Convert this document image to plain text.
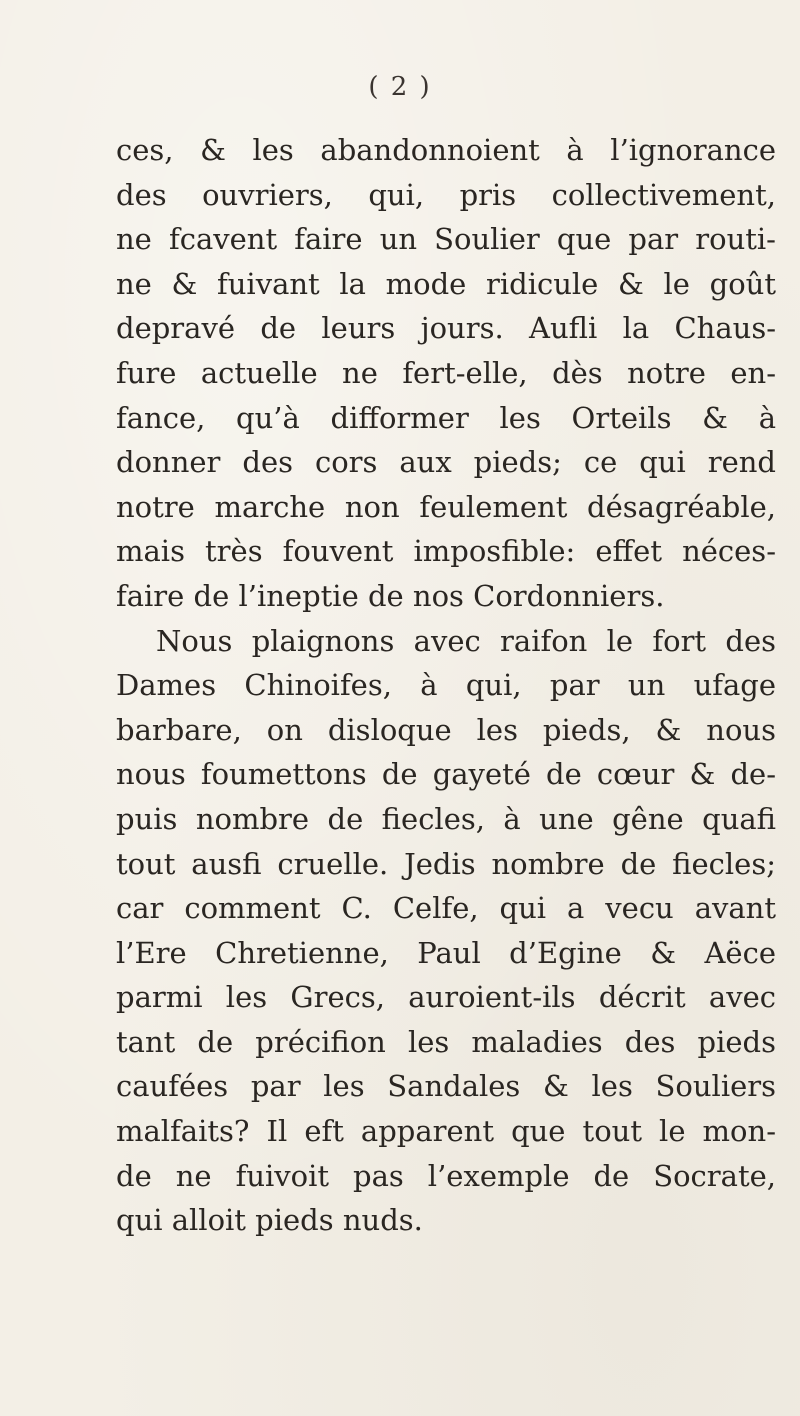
( 2 )
ces, & les abandonnoient à l’ignorance
des ouvriers, qui, pris collectivement,
ne fcavent faire un Soulier que par routi-
ne & fuivant la mode ridicule & le goût
depravé de leurs jours. Aufli la Chaus-
fure actuelle ne fert-elle, dès notre en-
fance, qu’à difformer les Orteils & à
donner des cors aux pieds; ce qui rend
notre marche non feulement désagréable,
mais très fouvent imposfible: effet néces-
faire de l’ineptie de nos Cordonniers.
Nous plaignons avec raifon le fort des
Dames Chinoifes, à qui, par un ufage
barbare, on disloque les pieds, & nous
nous foumettons de gayeté de cœur & de-
puis nombre de fiecles, à une gêne quafi
tout ausfi cruelle. Jedis nombre de fiecles;
car comment C. Celfe, qui a vecu avant
l’Ere Chretienne, Paul d’Egine & Aëce
parmi les Grecs, auroient-ils décrit avec
tant de précifion les maladies des pieds
caufées par les Sandales & les Souliers
malfaits? Il eft apparent que tout le mon-
de ne fuivoit pas l’exemple de Socrate,
qui alloit pieds nuds.
